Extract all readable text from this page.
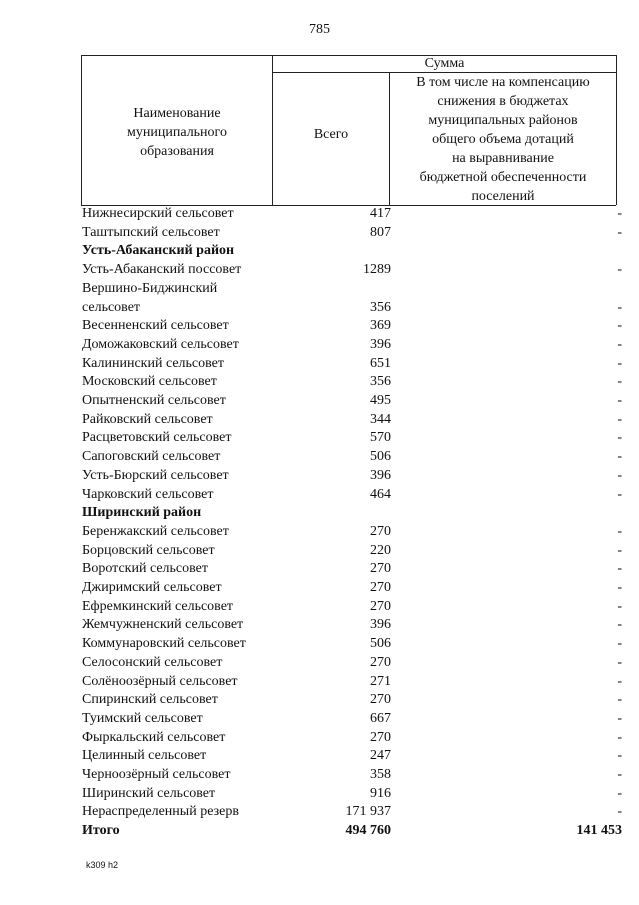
785
Наименование
муниципального
образования
Сумма
Всего
В том числе на компенсацию
снижения в бюджетах
муниципальных районов
общего объема дотаций
на выравнивание
бюджетной обеспеченности
поселений
Нижнесирский сельсовет	417	-
Таштыпский сельсовет	807	-
Усть-Абаканский район
Усть-Абаканский поссовет	1289	-
Вершино-Биджинский
сельсовет	356	-
Весенненский сельсовет	369	-
Доможаковский сельсовет	396	-
Калининский сельсовет	651	-
Московский сельсовет	356	-
Опытненский сельсовет	495	-
Райковский сельсовет	344	-
Расцветовский сельсовет	570	-
Сапоговский сельсовет	506	-
Усть-Бюрский сельсовет	396	-
Чарковский сельсовет	464	-
Ширинский район
Беренжакский сельсовет	270	-
Борцовский сельсовет	220	-
Воротский сельсовет	270	-
Джиримский сельсовет	270	-
Ефремкинский сельсовет	270	-
Жемчужненский сельсовет	396	-
Коммунаровский сельсовет	506	-
Селосонский сельсовет	270	-
Солёноозёрный сельсовет	271	-
Спиринский сельсовет	270	-
Туимский сельсовет	667	-
Фыркальский сельсовет	270	-
Целинный сельсовет	247	-
Черноозёрный сельсовет	358	-
Ширинский сельсовет	916	-
Нераспределенный резерв	171 937	-
Итого	494 760	141 453
k309 h2
